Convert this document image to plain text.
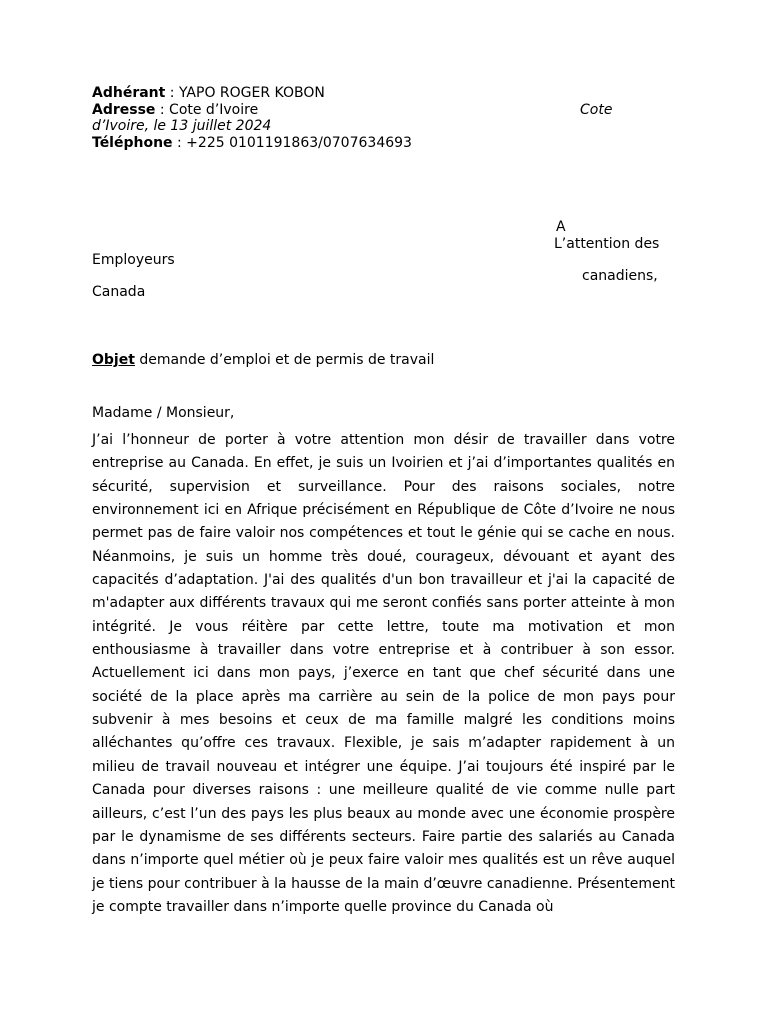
Adhérant : YAPO ROGER KOBON
Adresse : Cote d’Ivoire	Cote
d’Ivoire, le 13 juillet 2024
Téléphone : +225 0101191863/0707634693
A
L’attention des
Employeurs
canadiens,
Canada
Objet demande d’emploi et de permis de travail
Madame / Monsieur,
J’ai l’honneur de porter à votre attention mon désir de travailler dans votre entreprise au Canada. En effet, je suis un Ivoirien et j’ai d’importantes qualités en sécurité, supervision et surveillance. Pour des raisons sociales, notre environnement ici en Afrique précisément en République de Côte d’Ivoire ne nous permet pas de faire valoir nos compétences et tout le génie qui se cache en nous. Néanmoins, je suis un homme très doué, courageux, dévouant et ayant des capacités d’adaptation. J'ai des qualités d'un bon travailleur et j'ai la capacité de m'adapter aux différents travaux qui me seront confiés sans porter atteinte à mon intégrité. Je vous réitère par cette lettre, toute ma motivation et mon enthousiasme à travailler dans votre entreprise et à contribuer à son essor. Actuellement ici dans mon pays, j’exerce en tant que chef sécurité dans une société de la place après ma carrière au sein de la police de mon pays pour subvenir à mes besoins et ceux de ma famille malgré les conditions moins alléchantes qu’offre ces travaux. Flexible, je sais m’adapter rapidement à un milieu de travail nouveau et intégrer une équipe. J’ai toujours été inspiré par le Canada pour diverses raisons : une meilleure qualité de vie comme nulle part ailleurs, c’est l’un des pays les plus beaux au monde avec une économie prospère par le dynamisme de ses différents secteurs. Faire partie des salariés au Canada dans n’importe quel métier où je peux faire valoir mes qualités est un rêve auquel je tiens pour contribuer à la hausse de la main d’œuvre canadienne. Présentement je compte travailler dans n’importe quelle province du Canada où
